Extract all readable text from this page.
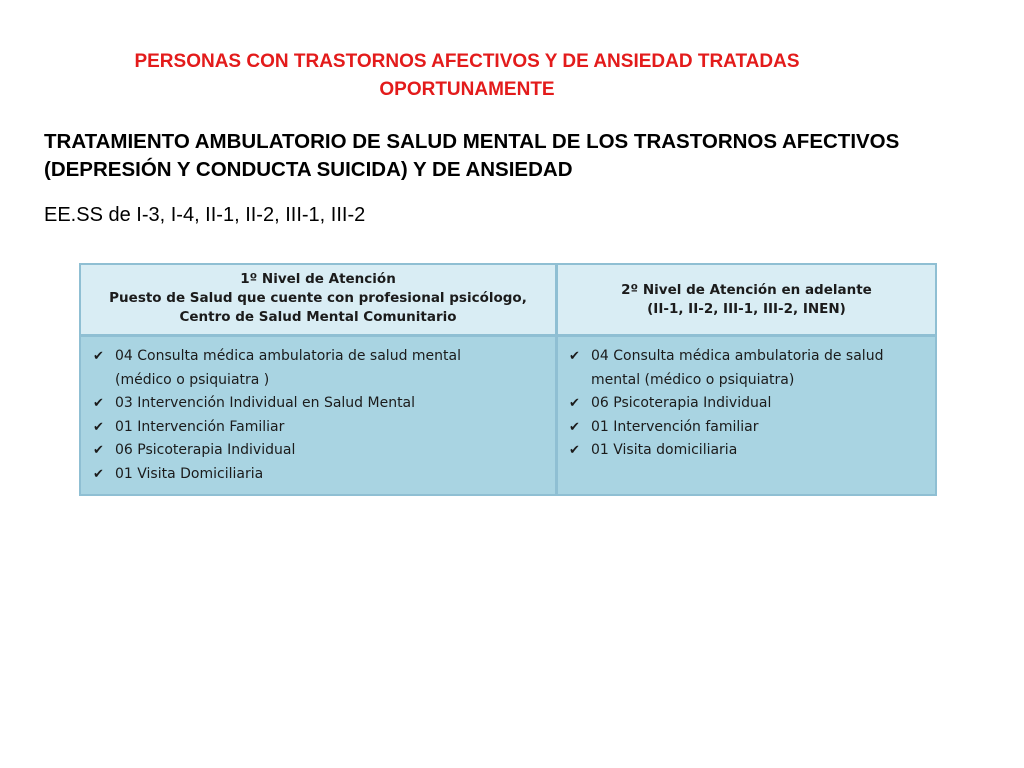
PERSONAS CON TRASTORNOS AFECTIVOS Y DE ANSIEDAD TRATADAS
OPORTUNAMENTE
TRATAMIENTO AMBULATORIO DE SALUD MENTAL DE LOS TRASTORNOS AFECTIVOS
(DEPRESIÓN Y CONDUCTA SUICIDA) Y DE ANSIEDAD
EE.SS de I-3, I-4, II-1, II-2, III-1, III-2
1º Nivel de Atención
Puesto de Salud que cuente con profesional psicólogo,
Centro de Salud Mental Comunitario
2º Nivel de Atención en adelante
(II-1, II-2, III-1, III-2, INEN)
✔ 04 Consulta médica ambulatoria de salud mental
(médico o psiquiatra )
✔ 03 Intervención Individual en Salud Mental
✔ 01 Intervención Familiar
✔ 06 Psicoterapia Individual
✔ 01 Visita Domiciliaria
✔ 04 Consulta médica ambulatoria de salud
mental (médico o psiquiatra)
✔ 06 Psicoterapia Individual
✔ 01 Intervención familiar
✔ 01 Visita domiciliaria
